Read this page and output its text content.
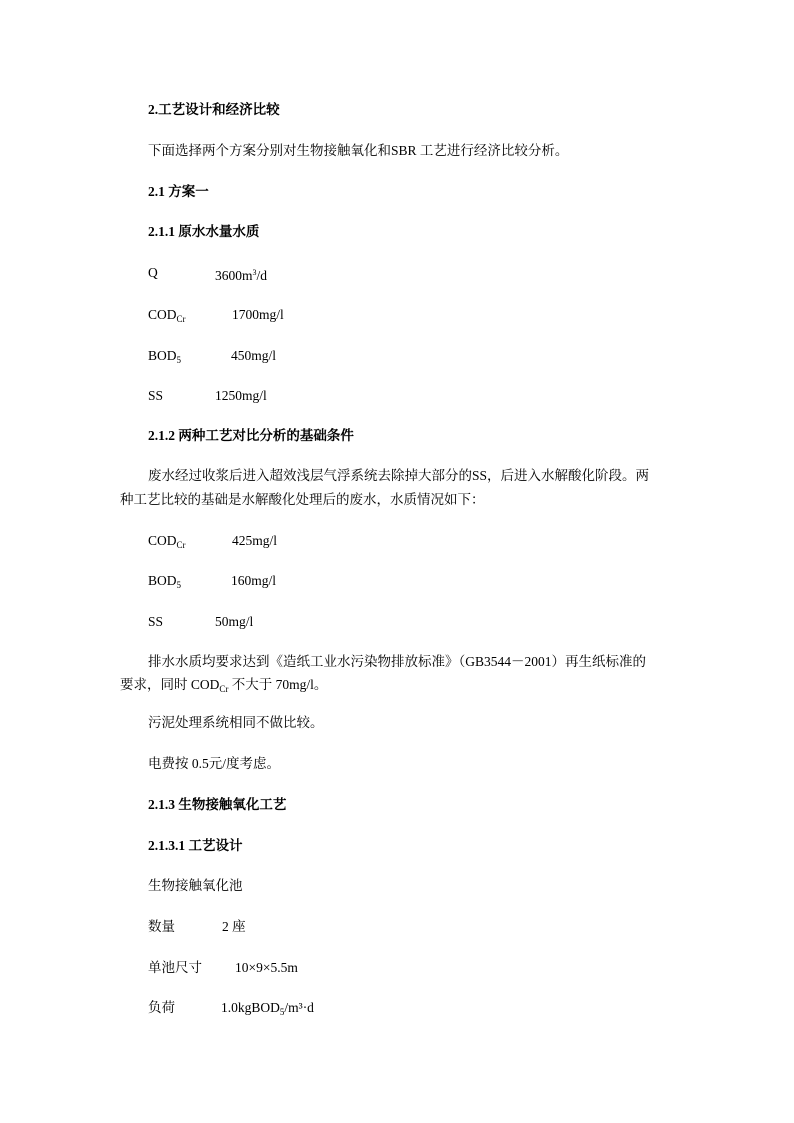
2.工艺设计和经济比较
下面选择两个方案分别对生物接触氧化和SBR 工艺进行经济比较分析。
2.1 方案一
2.1.1 原水水量水质
Q	$3600m^3/d$
$COD_{Cr}$	1700mg/l
$BOD_5$	450mg/l
SS	1250mg/l
2.1.2 两种工艺对比分析的基础条件
废水经过收浆后进入超效浅层气浮系统去除掉大部分的SS，后进入水解酸化阶段。两
种工艺比较的基础是水解酸化处理后的废水，水质情况如下：
$COD_{Cr}$	425mg/l
$BOD_5$	160mg/l
SS	50mg/l
排水水质均要求达到《造纸工业水污染物排放标准》（GB3544－2001）再生纸标准的
要求，同时 $COD_{Cr}$ 不大于 70mg/l。
污泥处理系统相同不做比较。
电费按 0.5元/度考虑。
2.1.3 生物接触氧化工艺
2.1.3.1 工艺设计
生物接触氧化池
数量	2 座
单池尺寸 10×9×5.5m
负荷	1.0kgBOD$_5$/m³·d
